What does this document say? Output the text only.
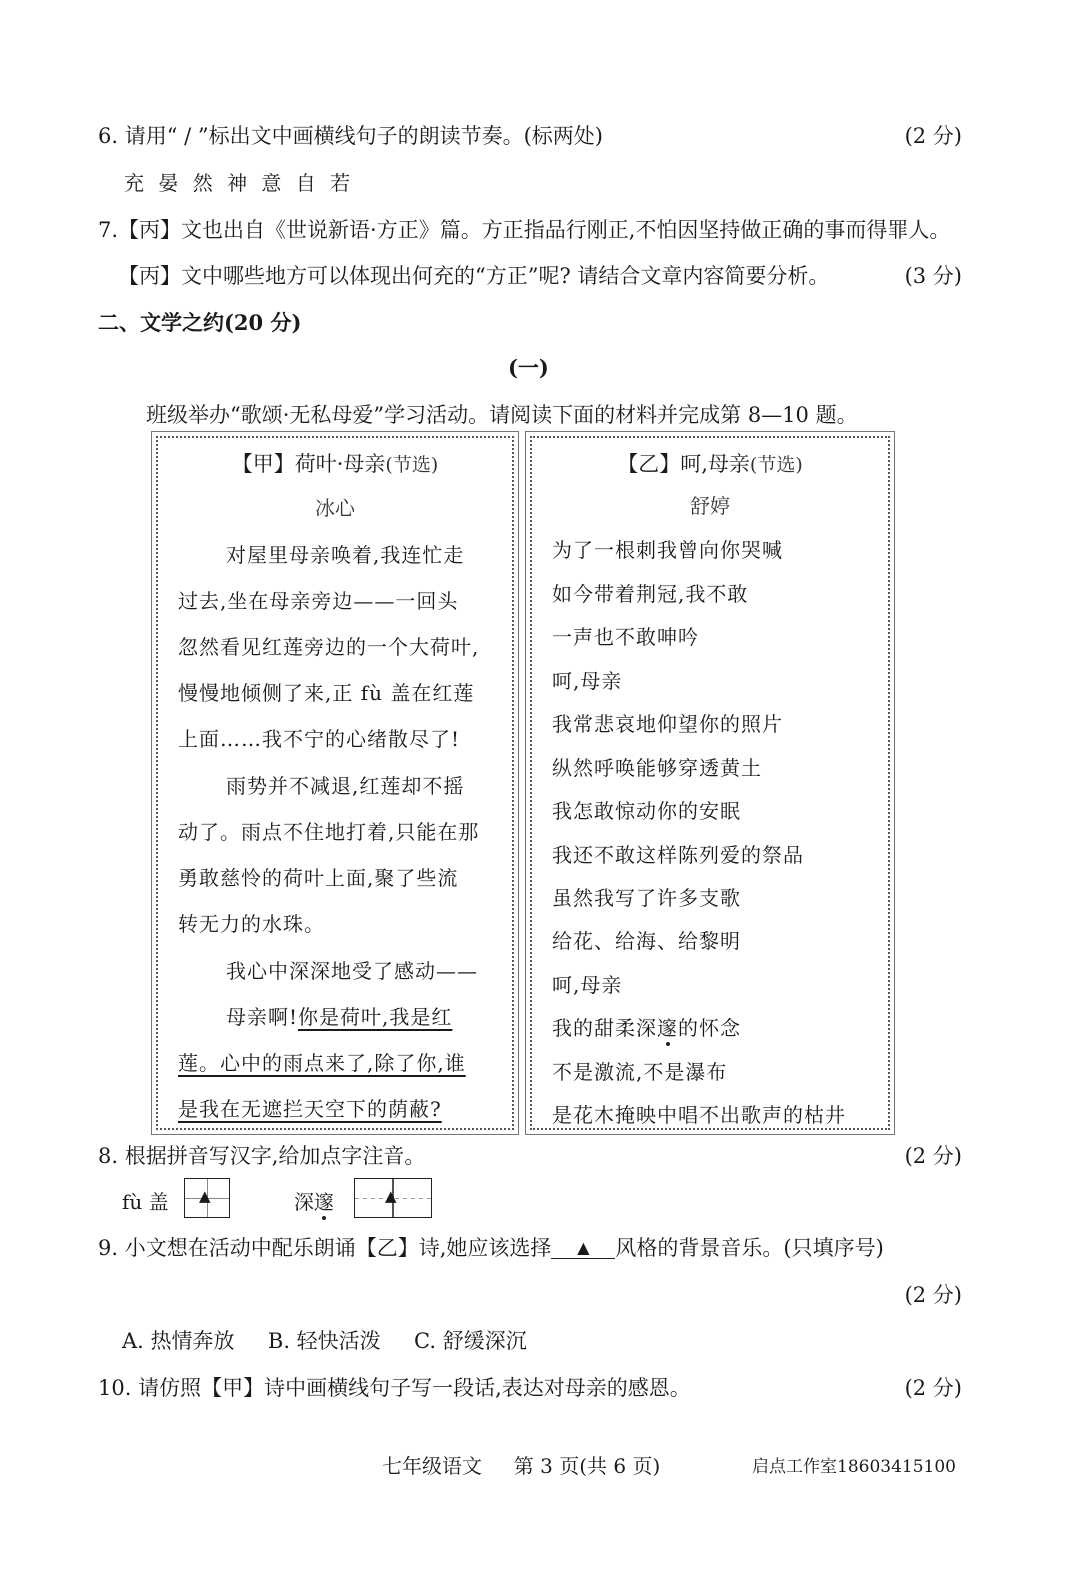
6. 请用“ / ”标出文中画横线句子的朗读节奏。(标两处)	(2 分)
充 晏 然 神 意 自 若
7.【丙】文也出自《世说新语·方正》篇。方正指品行刚正,不怕因坚持做正确的事而得罪人。
【丙】文中哪些地方可以体现出何充的“方正”呢? 请结合文章内容简要分析。	(3 分)
二、文学之约(20 分)
(一)
班级举办“歌颂·无私母爱”学习活动。请阅读下面的材料并完成第 8—10 题。
【甲】荷叶·母亲(节选)
冰心
对屋里母亲唤着,我连忙走
过去,坐在母亲旁边——一回头
忽然看见红莲旁边的一个大荷叶,
慢慢地倾侧了来,正 fù 盖在红莲
上面……我不宁的心绪散尽了!
雨势并不减退,红莲却不摇
动了。雨点不住地打着,只能在那
勇敢慈怜的荷叶上面,聚了些流
转无力的水珠。
我心中深深地受了感动——
母亲啊!你是荷叶,我是红
莲。心中的雨点来了,除了你,谁
是我在无遮拦天空下的荫蔽?
【乙】呵,母亲(节选)
舒婷
为了一根刺我曾向你哭喊
如今带着荆冠,我不敢
一声也不敢呻吟
呵,母亲
我常悲哀地仰望你的照片
纵然呼唤能够穿透黄土
我怎敢惊动你的安眠
我还不敢这样陈列爱的祭品
虽然我写了许多支歌
给花、给海、给黎明
呵,母亲
我的甜柔深邃的怀念
不是激流,不是瀑布
是花木掩映中唱不出歌声的枯井
8. 根据拼音写汉字,给加点字注音。	(2 分)
fù 盖 ▲	深邃	▲
9. 小文想在活动中配乐朗诵【乙】诗,她应该选择 ▲ 风格的背景音乐。(只填序号)
(2 分)
A. 热情奔放     B. 轻快活泼     C. 舒缓深沉
10. 请仿照【甲】诗中画横线句子写一段话,表达对母亲的感恩。	(2 分)
七年级语文     第 3 页(共 6 页)	启点工作室18603415100
